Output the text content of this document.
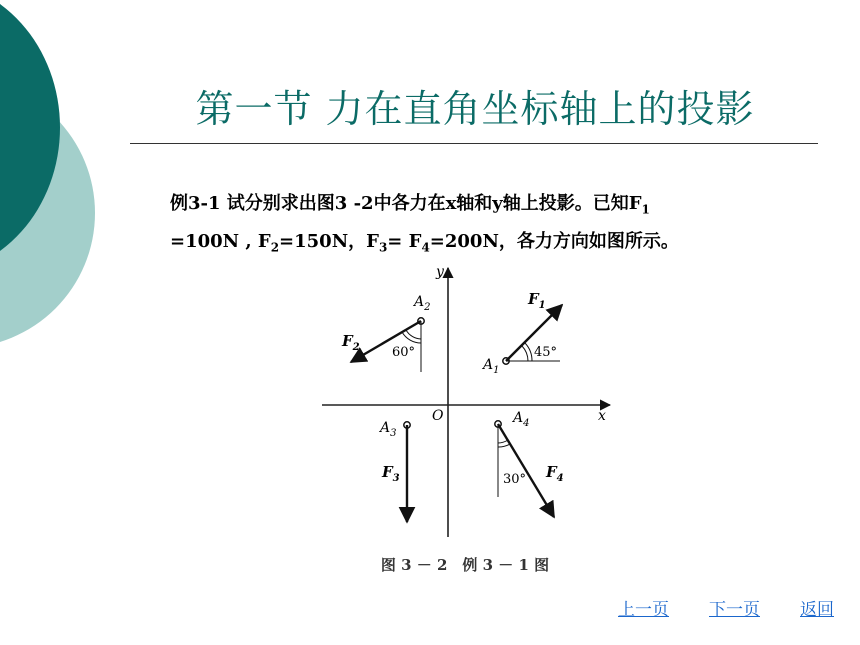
第一节 力在直角坐标轴上的投影
例3-1 试分别求出图3 -2中各力在x轴和y轴上投影。已知$F_1$
=100N , $F_2=150N$，$F_3= F_4=200N$，各力方向如图所示。
x
y
O
45°
$A_1$
$F_1$
60°
$A_2$
$F_2$
$A_3$
$F_3$	30°
$A_4$
$F_4$
图 3 － 2　例 3 － 1 图
上一页 下一页 返回
